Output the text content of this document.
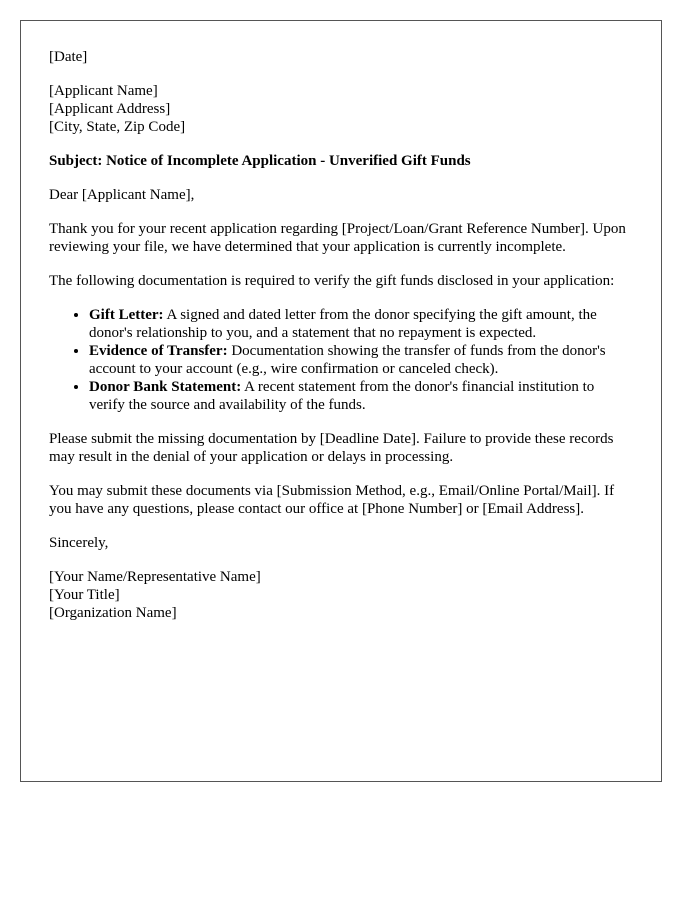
[Date]

[Applicant Name]
[Applicant Address]
[City, State, Zip Code]

Subject: Notice of Incomplete Application - Unverified Gift Funds

Dear [Applicant Name],

Thank you for your recent application regarding [Project/Loan/Grant Reference Number]. Upon reviewing your file, we have determined that your application is currently incomplete.

The following documentation is required to verify the gift funds disclosed in your application:

• Gift Letter: A signed and dated letter from the donor specifying the gift amount, the donor's relationship to you, and a statement that no repayment is expected.
• Evidence of Transfer: Documentation showing the transfer of funds from the donor's account to your account (e.g., wire confirmation or canceled check).
• Donor Bank Statement: A recent statement from the donor's financial institution to verify the source and availability of the funds.

Please submit the missing documentation by [Deadline Date]. Failure to provide these records may result in the denial of your application or delays in processing.

You may submit these documents via [Submission Method, e.g., Email/Online Portal/Mail]. If you have any questions, please contact our office at [Phone Number] or [Email Address].

Sincerely,

[Your Name/Representative Name]
[Your Title]
[Organization Name]
